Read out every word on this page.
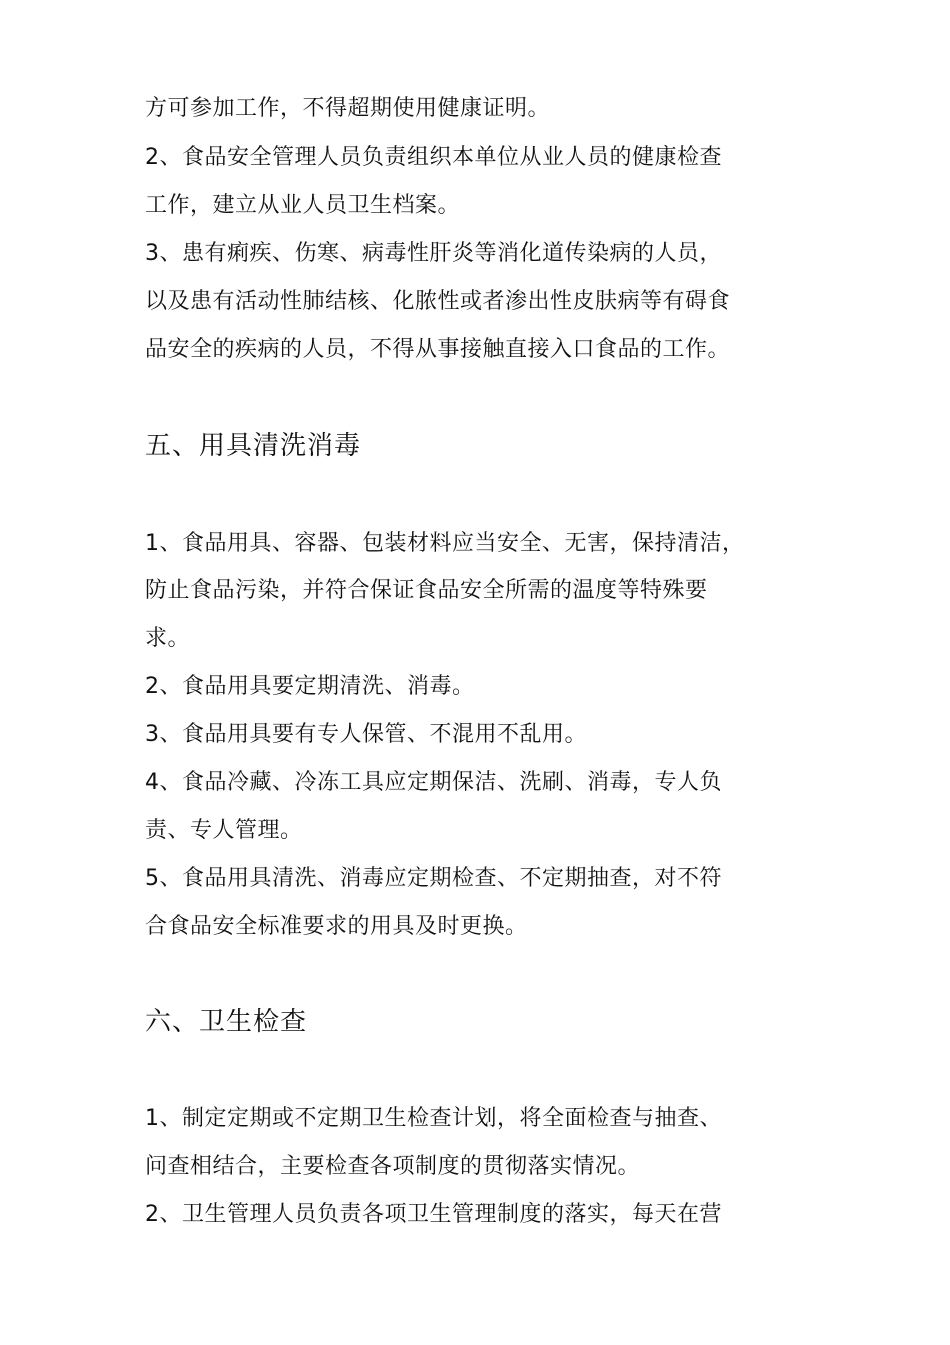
方可参加工作，不得超期使用健康证明。
2、食品安全管理人员负责组织本单位从业人员的健康检查
工作，建立从业人员卫生档案。
3、患有痢疾、伤寒、病毒性肝炎等消化道传染病的人员，
以及患有活动性肺结核、化脓性或者渗出性皮肤病等有碍食
品安全的疾病的人员，不得从事接触直接入口食品的工作。
五、用具清洗消毒
1、食品用具、容器、包装材料应当安全、无害，保持清洁，
防止食品污染，并符合保证食品安全所需的温度等特殊要
求。
2、食品用具要定期清洗、消毒。
3、食品用具要有专人保管、不混用不乱用。
4、食品冷藏、冷冻工具应定期保洁、洗刷、消毒，专人负
责、专人管理。
5、食品用具清洗、消毒应定期检查、不定期抽查，对不符
合食品安全标准要求的用具及时更换。
六、卫生检查
1、制定定期或不定期卫生检查计划，将全面检查与抽查、
问查相结合，主要检查各项制度的贯彻落实情况。
2、卫生管理人员负责各项卫生管理制度的落实，每天在营
